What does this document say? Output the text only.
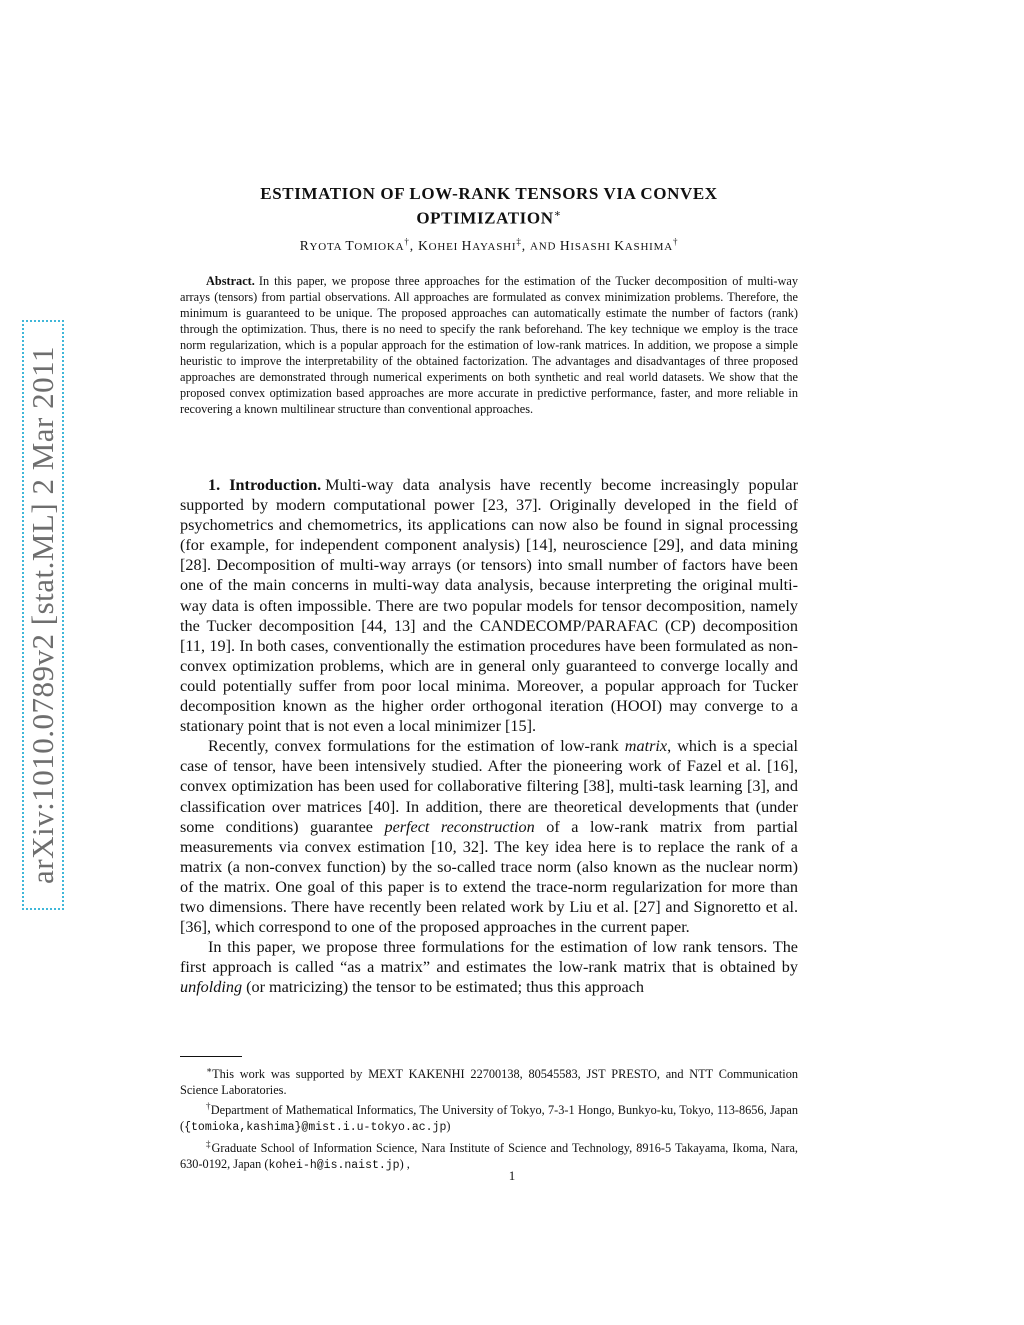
arXiv:1010.0789v2 [stat.ML] 2 Mar 2011
ESTIMATION OF LOW-RANK TENSORS VIA CONVEX
OPTIMIZATION∗
RYOTA TOMIOKA†, KOHEI HAYASHI‡, AND HISASHI KASHIMA†
Abstract. In this paper, we propose three approaches for the estimation of the Tucker decomposition of multi-way arrays (tensors) from partial observations. All approaches are formulated as convex minimization problems. Therefore, the minimum is guaranteed to be unique. The proposed approaches can automatically estimate the number of factors (rank) through the optimization. Thus, there is no need to specify the rank beforehand. The key technique we employ is the trace norm regularization, which is a popular approach for the estimation of low-rank matrices. In addition, we propose a simple heuristic to improve the interpretability of the obtained factorization. The advantages and disadvantages of three proposed approaches are demonstrated through numerical experiments on both synthetic and real world datasets. We show that the proposed convex optimization based approaches are more accurate in predictive performance, faster, and more reliable in recovering a known multilinear structure than conventional approaches.

1. Introduction. Multi-way data analysis have recently become increasingly popular supported by modern computational power [23, 37]. Originally developed in the field of psychometrics and chemometrics, its applications can now also be found in signal processing (for example, for independent component analysis) [14], neuroscience [29], and data mining [28]. Decomposition of multi-way arrays (or tensors) into small number of factors have been one of the main concerns in multi-way data analysis, because interpreting the original multi-way data is often impossible. There are two popular models for tensor decomposition, namely the Tucker decomposition [44, 13] and the CANDECOMP/PARAFAC (CP) decomposition [11, 19]. In both cases, conventionally the estimation procedures have been formulated as non-convex optimization problems, which are in general only guaranteed to converge locally and could potentially suffer from poor local minima. Moreover, a popular approach for Tucker decomposition known as the higher order orthogonal iteration (HOOI) may converge to a stationary point that is not even a local minimizer [15].

Recently, convex formulations for the estimation of low-rank matrix, which is a special case of tensor, have been intensively studied. After the pioneering work of Fazel et al. [16], convex optimization has been used for collaborative filtering [38], multi-task learning [3], and classification over matrices [40]. In addition, there are theoretical developments that (under some conditions) guarantee perfect reconstruction of a low-rank matrix from partial measurements via convex estimation [10, 32]. The key idea here is to replace the rank of a matrix (a non-convex function) by the so-called trace norm (also known as the nuclear norm) of the matrix. One goal of this paper is to extend the trace-norm regularization for more than two dimensions. There have recently been related work by Liu et al. [27] and Signoretto et al. [36], which correspond to one of the proposed approaches in the current paper.

In this paper, we propose three formulations for the estimation of low rank tensors. The first approach is called “as a matrix” and estimates the low-rank matrix that is obtained by unfolding (or matricizing) the tensor to be estimated; thus this approach

∗This work was supported by MEXT KAKENHI 22700138, 80545583, JST PRESTO, and NTT Communication Science Laboratories.

†Department of Mathematical Informatics, The University of Tokyo, 7-3-1 Hongo, Bunkyo-ku, Tokyo, 113-8656, Japan ({tomioka,kashima}@mist.i.u-tokyo.ac.jp)

‡Graduate School of Information Science, Nara Institute of Science and Technology, 8916-5 Takayama, Ikoma, Nara, 630-0192, Japan (kohei-h@is.naist.jp) ,

1
